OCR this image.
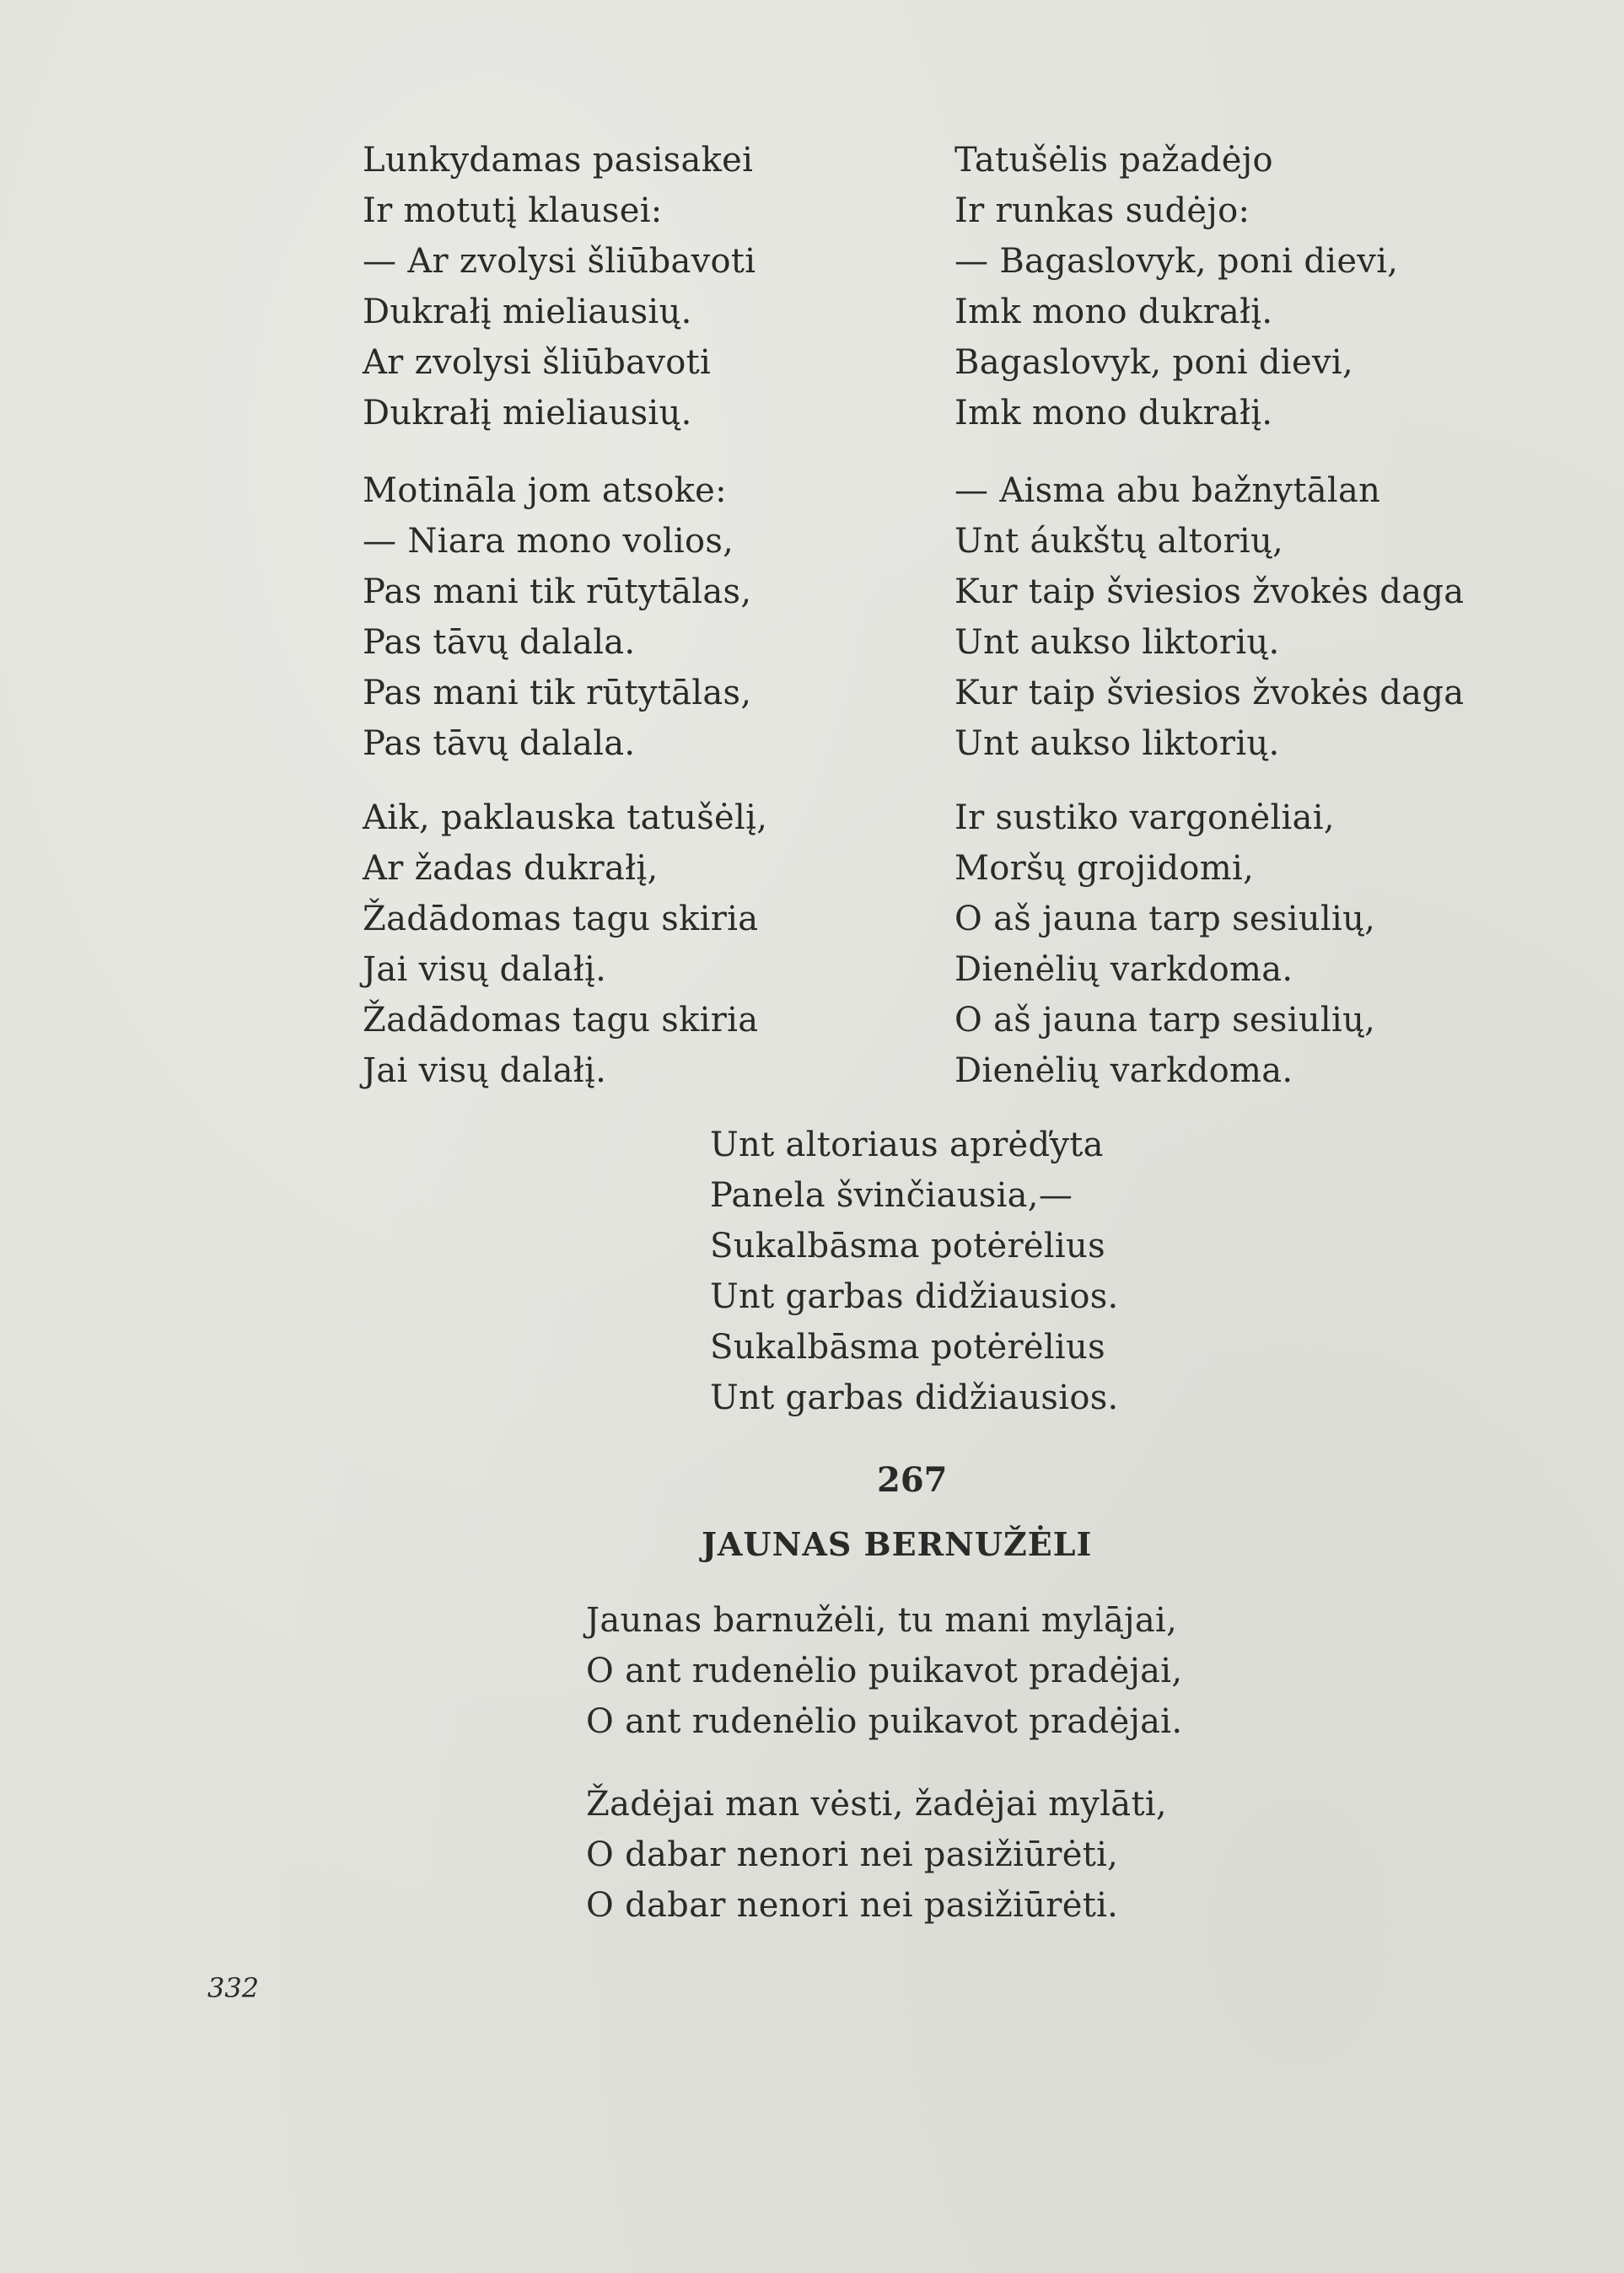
Lunkydamas pasisakei
Ir motutį klausei:
— Ar zvolysi šliūbavoti
Dukrałį mieliausių.
Ar zvolysi šliūbavoti
Dukrałį mieliausių.
Motināla jom atsoke:
— Niara mono volios,
Pas mani tik rūtytālas,
Pas tāvų dalala.
Pas mani tik rūtytālas,
Pas tāvų dalala.
Aik, paklauska tatušėlį,
Ar žadas dukrałį,
Žadādomas tagu skiria
Jai visų dalałį.
Žadādomas tagu skiria
Jai visų dalałį.
Tatušėlis pažadėjo
Ir runkas sudėjo:
— Bagaslovyk, poni dievi,
Imk mono dukrałį.
Bagaslovyk, poni dievi,
Imk mono dukrałį.
— Aisma abu bažnytālan
Unt áukštų altorių,
Kur taip šviesios žvokės daga
Unt aukso liktorių.
Kur taip šviesios žvokės daga
Unt aukso liktorių.
Ir sustiko vargonėliai,
Moršų grojidomi,
O aš jauna tarp sesiulių,
Dienėlių varkdoma.
O aš jauna tarp sesiulių,
Dienėlių varkdoma.
Unt altoriaus aprėďyta
Panela švinčiausia,—
Sukalbāsma potėrėlius
Unt garbas didžiausios.
Sukalbāsma potėrėlius
Unt garbas didžiausios.
267
JAUNAS BERNUŽĖLI
Jaunas barnužėli, tu mani mylājai,
O ant rudenėlio puikavot pradėjai,
O ant rudenėlio puikavot pradėjai.
Žadėjai man vėsti, žadėjai mylāti,
O dabar nenori nei pasižiūrėti,
O dabar nenori nei pasižiūrėti.
332
